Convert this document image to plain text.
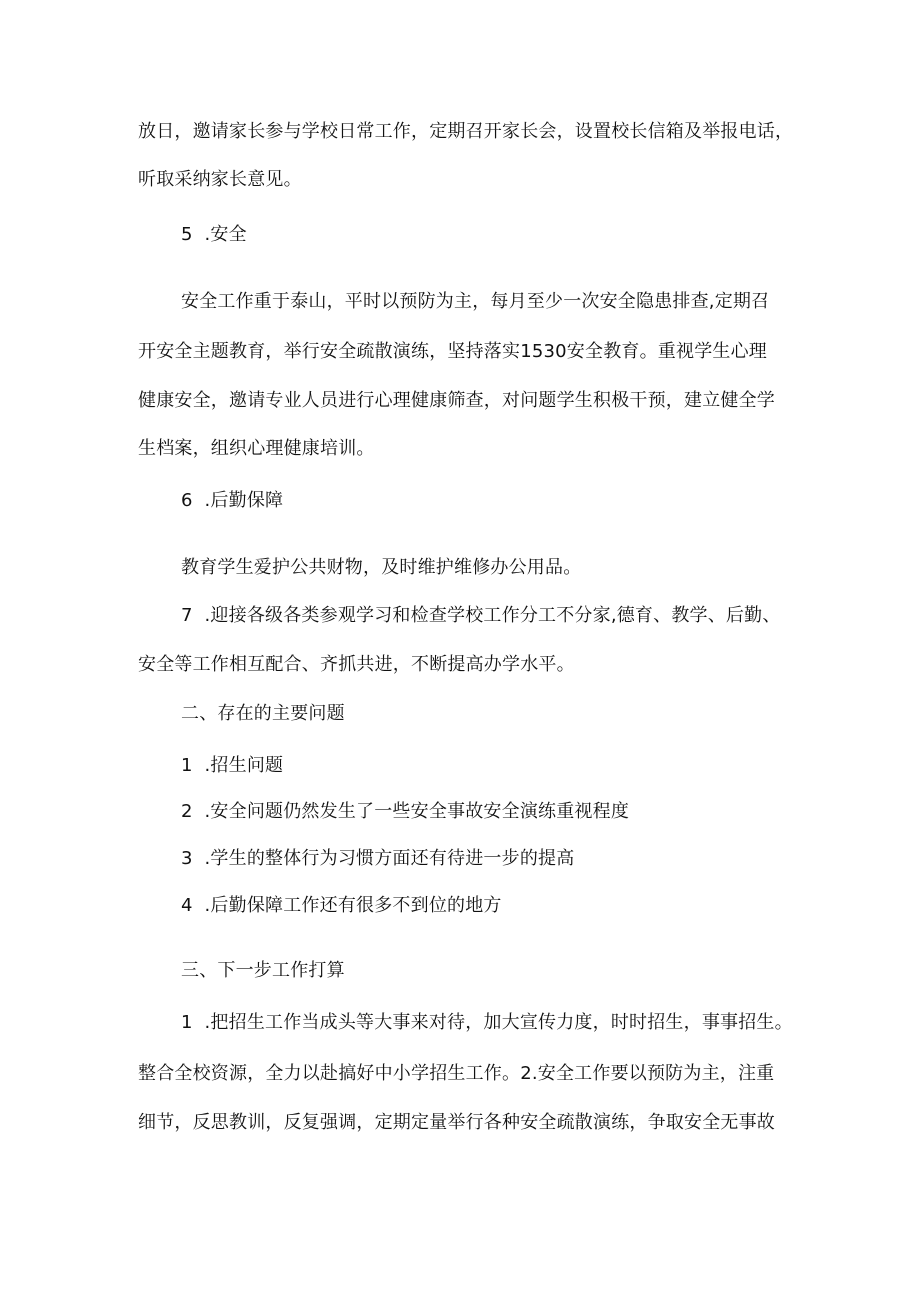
放日，邀请家长参与学校日常工作，定期召开家长会，设置校长信箱及举报电话，
听取采纳家长意见。
5  .安全
安全工作重于泰山，平时以预防为主，每月至少一次安全隐患排查,定期召
开安全主题教育，举行安全疏散演练，坚持落实1530安全教育。重视学生心理
健康安全，邀请专业人员进行心理健康筛查，对问题学生积极干预，建立健全学
生档案，组织心理健康培训。
6  .后勤保障
教育学生爱护公共财物，及时维护维修办公用品。
7  .迎接各级各类参观学习和检查学校工作分工不分家,德育、教学、后勤、
安全等工作相互配合、齐抓共进，不断提高办学水平。
二、存在的主要问题
1  .招生问题
2  .安全问题仍然发生了一些安全事故安全演练重视程度
3  .学生的整体行为习惯方面还有待进一步的提高
4  .后勤保障工作还有很多不到位的地方
三、下一步工作打算
1  .把招生工作当成头等大事来对待，加大宣传力度，时时招生，事事招生。
整合全校资源，全力以赴搞好中小学招生工作。2.安全工作要以预防为主，注重
细节，反思教训，反复强调，定期定量举行各种安全疏散演练，争取安全无事故
